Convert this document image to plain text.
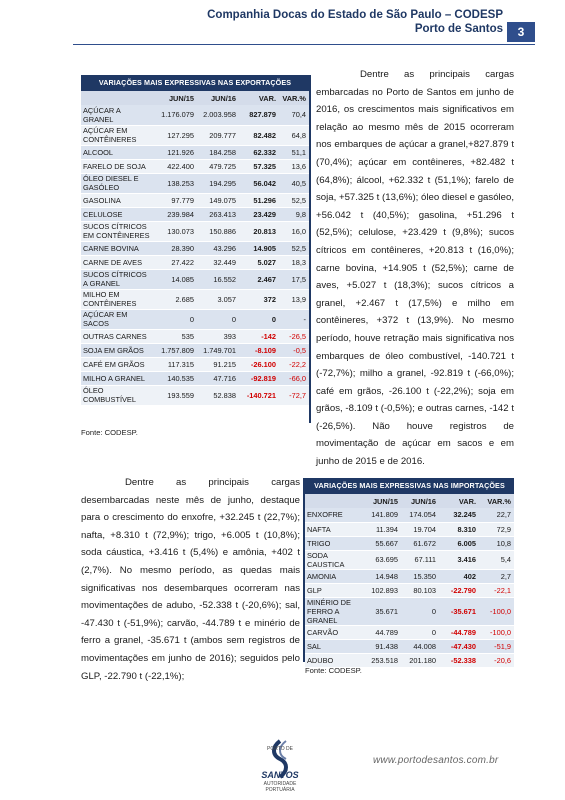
Companhia Docas do Estado de São Paulo – CODESP
Porto de Santos	3
VARIAÇÕES MAIS EXPRESSIVAS NAS EXPORTAÇÕES
	JUN/15	JUN/16	VAR.	VAR.%
AÇÚCAR A GRANEL	1.176.079	2.003.958	827.879	70,4
AÇÚCAR EM CONTÊINERES	127.295	209.777	82.482	64,8
ALCOOL	121.926	184.258	62.332	51,1
FARELO DE SOJA	422.400	479.725	57.325	13,6
ÓLEO DIESEL E GASÓLEO	138.253	194.295	56.042	40,5
GASOLINA	97.779	149.075	51.296	52,5
CELULOSE	239.984	263.413	23.429	9,8
SUCOS CÍTRICOS EM CONTÊINERES	130.073	150.886	20.813	16,0
CARNE BOVINA	28.390	43.296	14.905	52,5
CARNE DE AVES	27.422	32.449	5.027	18,3
SUCOS CÍTRICOS A GRANEL	14.085	16.552	2.467	17,5
MILHO EM CONTÊINERES	2.685	3.057	372	13,9
AÇÚCAR EM SACOS	0	0	0	-
OUTRAS CARNES	535	393	-142	-26,5
SOJA EM GRÃOS	1.757.809	1.749.701	-8.109	-0,5
CAFÉ EM GRÃOS	117.315	91.215	-26.100	-22,2
MILHO A GRANEL	140.535	47.716	-92.819	-66,0
ÓLEO COMBUSTÍVEL	193.559	52.838	-140.721	-72,7
Fonte: CODESP.
Dentre as principais cargas embarcadas no Porto de Santos em junho de 2016, os crescimentos mais significativos em relação ao mesmo mês de 2015 ocorreram nos embarques de açúcar a granel,+827.879 t (70,4%); açúcar em contêineres, +82.482 t (64,8%); álcool, +62.332 t (51,1%); farelo de soja, +57.325 t (13,6%); óleo diesel e gasóleo, +56.042 t (40,5%); gasolina, +51.296 t (52,5%); celulose, +23.429 t (9,8%); sucos cítricos em contêineres, +20.813 t (16,0%); carne bovina, +14.905 t (52,5%); carne de aves, +5.027 t (18,3%); sucos cítricos a granel, +2.467 t (17,5%) e milho em contêineres, +372 t (13,9%). No mesmo período, houve retração mais significativa nos embarques de óleo combustível, -140.721 t (-72,7%); milho a granel, -92.819 t (-66,0%); café em grãos, -26.100 t (-22,2%); soja em grãos, -8.109 t (-0,5%); e outras carnes, -142 t (-26,5%). Não houve registros de movimentação de açúcar em sacos e em junho de 2015 e de 2016.
Dentre as principais cargas desembarcadas neste mês de junho, destaque para o crescimento do enxofre, +32.245 t (22,7%); nafta, +8.310 t (72,9%); trigo, +6.005 t (10,8%); soda cáustica, +3.416 t (5,4%) e amônia, +402 t (2,7%). No mesmo período, as quedas mais significativas nos desembarques ocorreram nas movimentações de adubo, -52.338 t (-20,6%); sal, -47.430 t (-51,9%); carvão, -44.789 t e minério de ferro a granel, -35.671 t (ambos sem registros de movimentações em junho de 2016); seguidos pelo GLP, -22.790 t (-22,1%);
VARIAÇÕES MAIS EXPRESSIVAS NAS IMPORTAÇÕES
	JUN/15	JUN/16	VAR.	VAR.%
ENXOFRE	141.809	174.054	32.245	22,7
NAFTA	11.394	19.704	8.310	72,9
TRIGO	55.667	61.672	6.005	10,8
SODA CAUSTICA	63.695	67.111	3.416	5,4
AMONIA	14.948	15.350	402	2,7
GLP	102.893	80.103	-22.790	-22,1
MINÉRIO DE FERRO A GRANEL	35.671	0	-35.671	-100,0
CARVÃO	44.789	0	-44.789	-100,0
SAL	91.438	44.008	-47.430	-51,9
ADUBO	253.518	201.180	-52.338	-20,6
Fonte: CODESP.
PORTO DE
SANTOS
AUTORIDADE PORTUÁRIA
www.portodesantos.com.br
